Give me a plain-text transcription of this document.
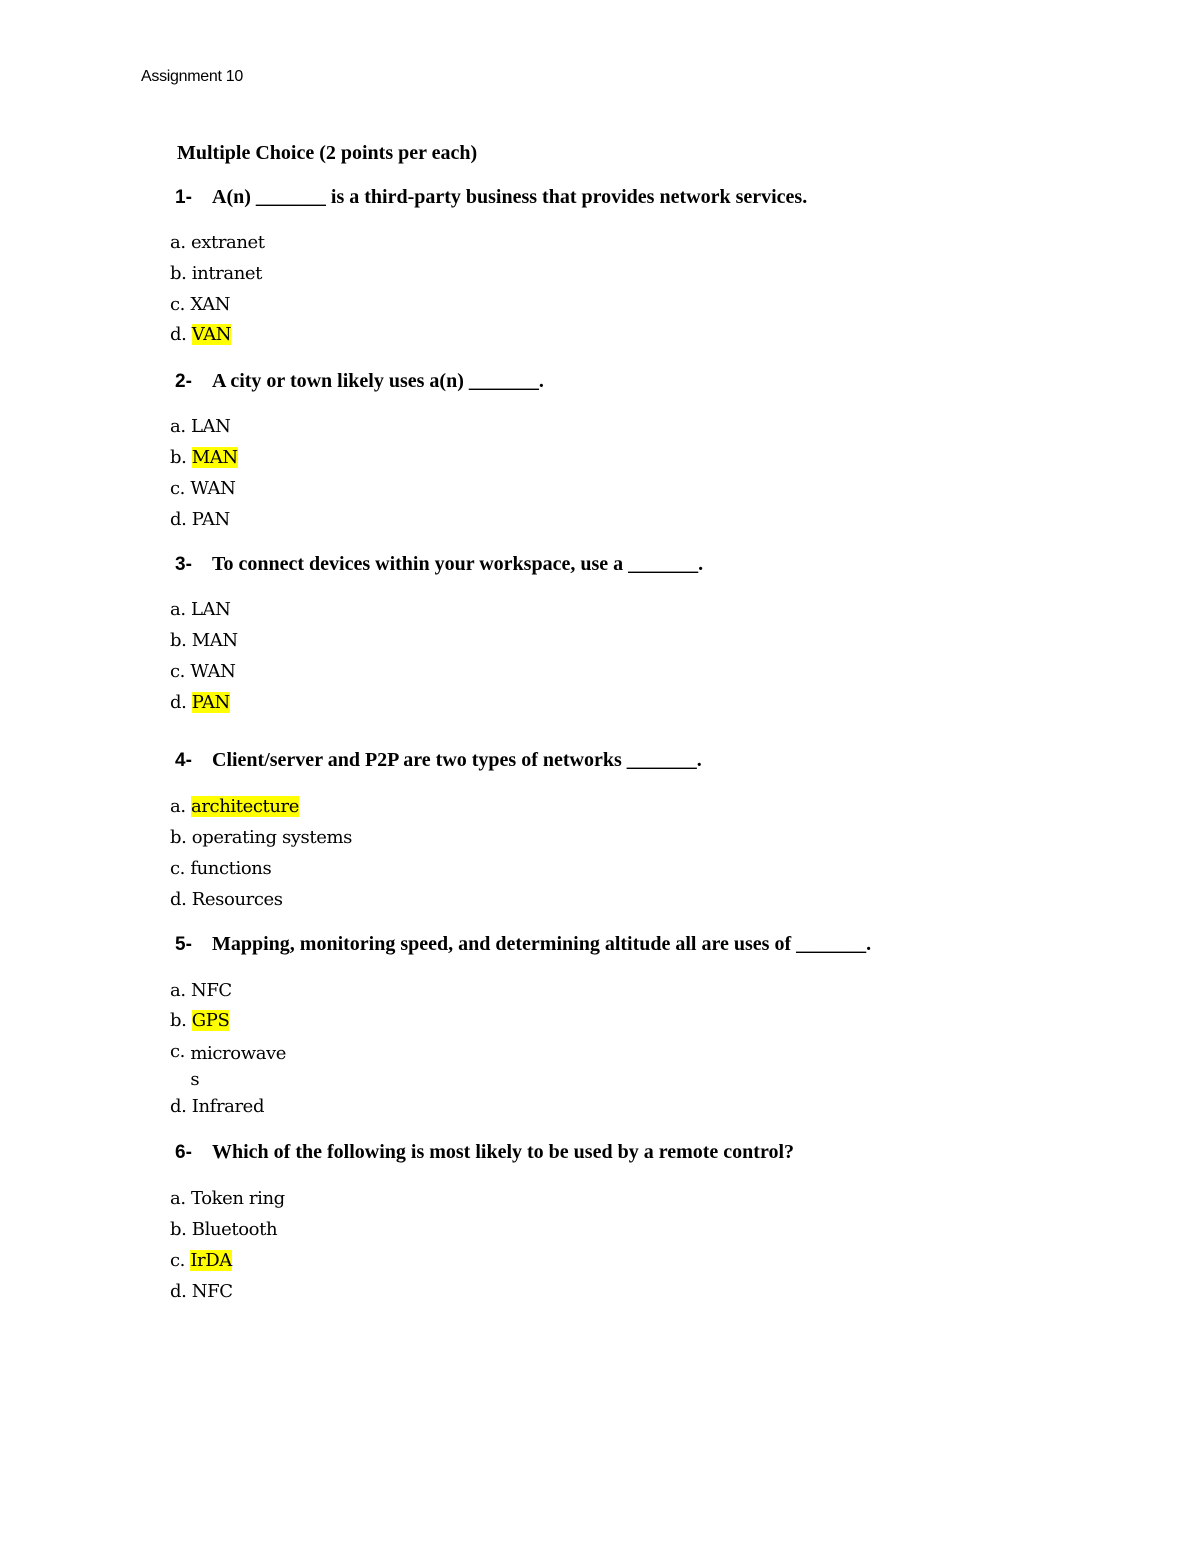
Assignment 10
Multiple Choice (2 points per each)
1- A(n) _______ is a third-party business that provides network services.
a. extranet
b. intranet
c. XAN
d. VAN
2- A city or town likely uses a(n) _______.
a. LAN
b. MAN
c. WAN
d. PAN
3- To connect devices within your workspace, use a _______.
a. LAN
b. MAN
c. WAN
d. PAN
4- Client/server and P2P are two types of networks _______.
a. architecture
b. operating systems
c. functions
d. Resources
5- Mapping, monitoring speed, and determining altitude all are uses of _______.
a. NFC
b. GPS
c. microwaves
d. Infrared
6- Which of the following is most likely to be used by a remote control?
a. Token ring
b. Bluetooth
c. IrDA
d. NFC
